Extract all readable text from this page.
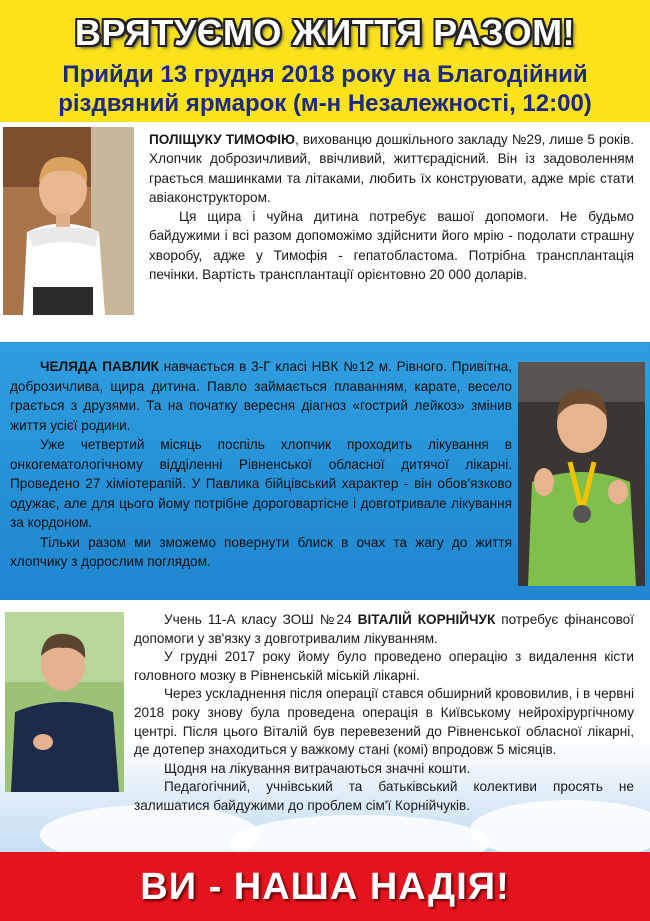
ВРЯТУЄМО ЖИТТЯ РАЗОМ!
Прийди 13 грудня 2018 року на Благодійний
різдвяний ярмарок (м-н Незалежності, 12:00)

ПОЛІЩУКУ ТИМОФІЮ, вихованцю дошкільного закладу №29, лише 5 років. Хлопчик доброзичливий, ввічливий, життєрадісний. Він із задоволенням грається машинками та літаками, любить їх конструювати, адже мріє стати авіаконструктором.

Ця щира і чуйна дитина потребує вашої допомоги. Не будьмо байдужими і всі разом допоможімо здійснити його мрію - подолати страшну хворобу, адже у Тимофія - гепатобластома. Потрібна трансплантація печінки. Вартість трансплантації орієнтовно 20 000 доларів.

ЧЕЛЯДА ПАВЛИК навчається в 3-Г класі НВК №12 м. Рівного. Привітна, доброзичлива, щира дитина. Павло займається плаванням, карате, весело грається з друзями. Та на початку вересня діагноз «гострий лейкоз» змінив життя усієї родини.

Уже четвертий місяць поспіль хлопчик проходить лікування в онкогематологічному відділенні Рівненської обласної дитячої лікарні. Проведено 27 хіміотерапій. У Павлика бійцівський характер - він обов'язково одужає, але для цього йому потрібне дороговартісне і довготривале лікування за кордоном.

Тільки разом ми зможемо повернути блиск в очах та жагу до життя хлопчику з дорослим поглядом.

Учень 11-А класу ЗОШ №24 ВІТАЛІЙ КОРНІЙЧУК потребує фінансової допомоги у зв'язку з довготривалим лікуванням.

У грудні 2017 року йому було проведено операцію з видалення кісти головного мозку в Рівненській міській лікарні.

Через ускладнення після операції стався обширний крововилив, і в червні 2018 року знову була проведена операція в Київському нейрохірургічному центрі. Після цього Віталій був перевезений до Рівненської обласної лікарні, де дотепер знаходиться у важкому стані (комі) впродовж 5 місяців.

Щодня на лікування витрачаються значні кошти.

Педагогічний, учнівський та батьківський колективи просять не залишатися байдужими до проблем сім'ї Корнійчуків.

ВИ - НАША НАДІЯ!
